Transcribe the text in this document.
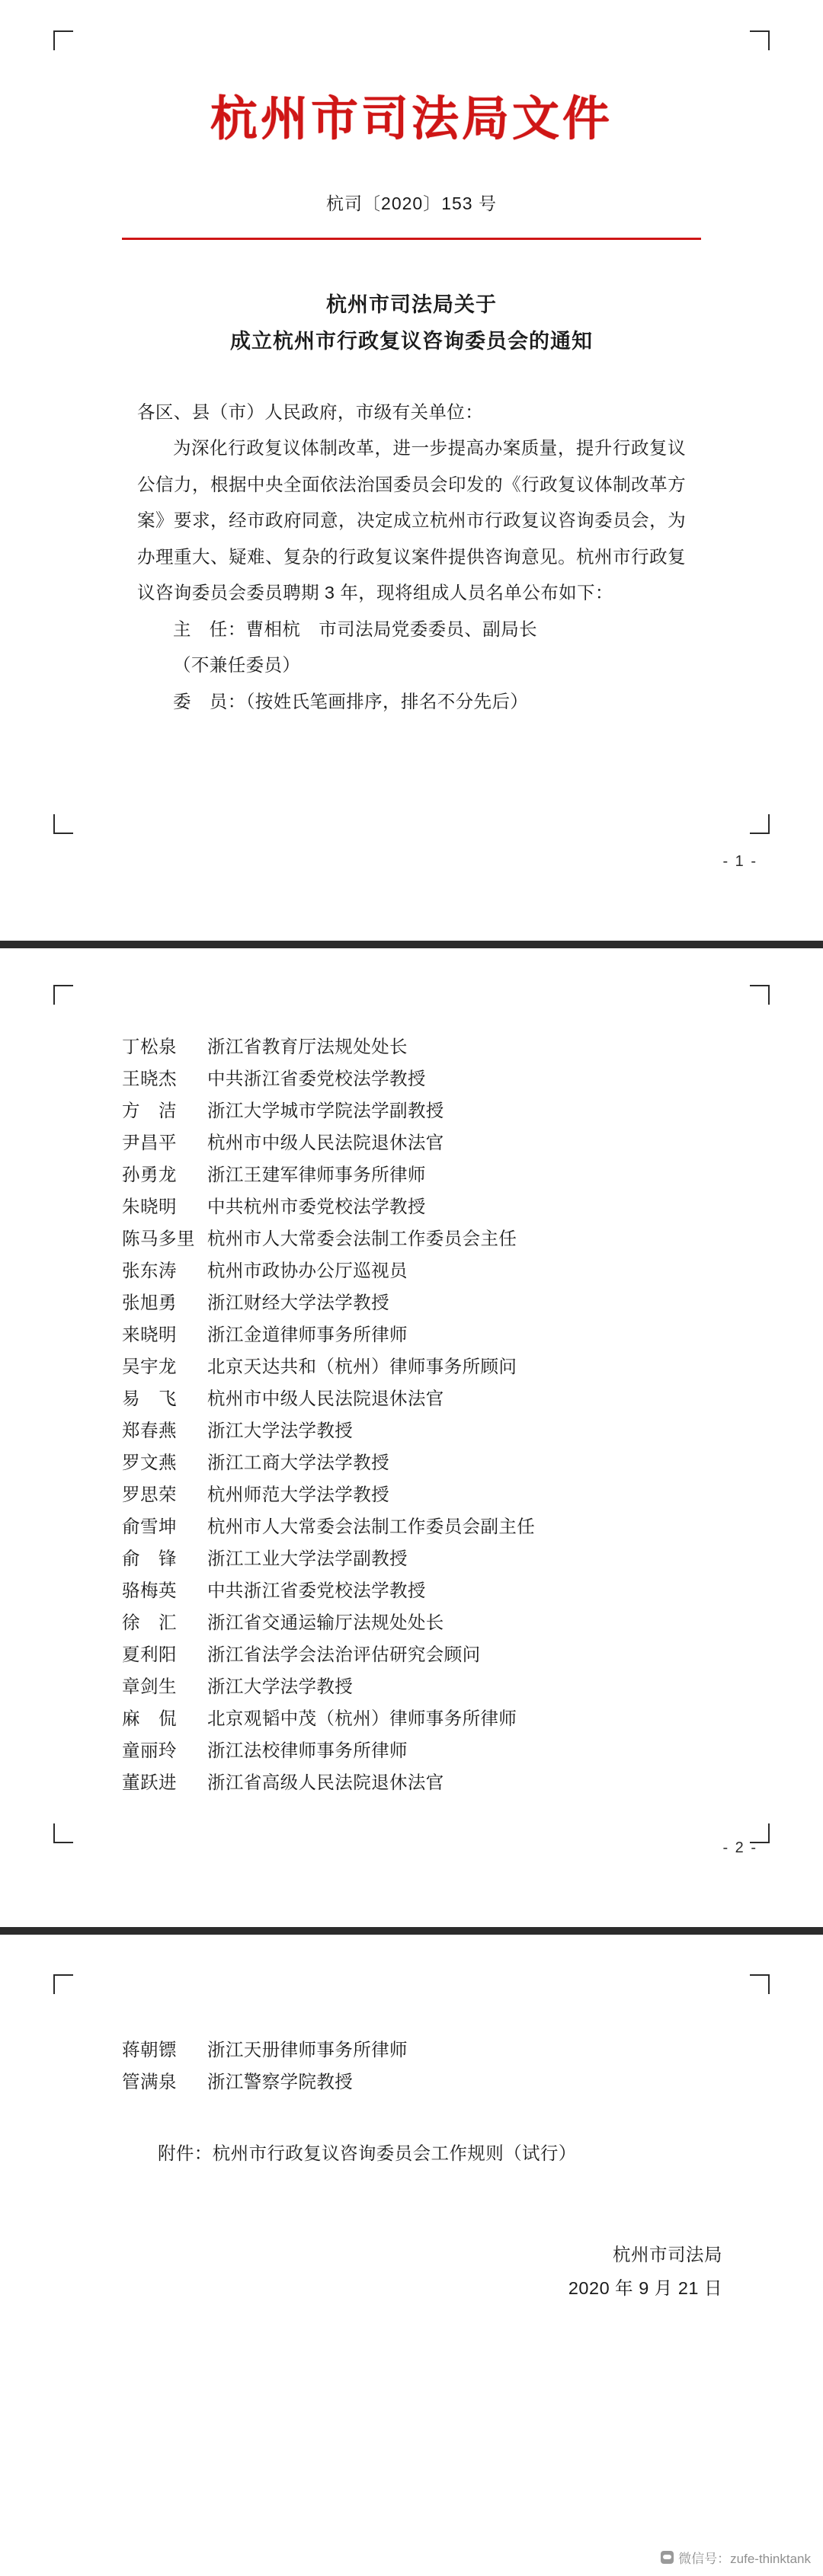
杭州市司法局文件
杭司〔2020〕153 号
杭州市司法局关于
成立杭州市行政复议咨询委员会的通知

各区、县（市）人民政府，市级有关单位：

为深化行政复议体制改革，进一步提高办案质量，提升行政复议公信力，根据中央全面依法治国委员会印发的《行政复议体制改革方案》要求，经市政府同意，决定成立杭州市行政复议咨询委员会，为办理重大、疑难、复杂的行政复议案件提供咨询意见。杭州市行政复议咨询委员会委员聘期 3 年，现将组成人员名单公布如下：

主　任：曹相杭　市司法局党委委员、副局长

（不兼任委员）

委　员：（按姓氏笔画排序，排名不分先后）

- 1 -
丁松泉	浙江省教育厅法规处处长
王晓杰	中共浙江省委党校法学教授
方　洁	浙江大学城市学院法学副教授
尹昌平	杭州市中级人民法院退休法官
孙勇龙	浙江王建军律师事务所律师
朱晓明	中共杭州市委党校法学教授
陈马多里 杭州市人大常委会法制工作委员会主任
张东涛	杭州市政协办公厅巡视员
张旭勇	浙江财经大学法学教授
来晓明	浙江金道律师事务所律师
吴宇龙	北京天达共和（杭州）律师事务所顾问
易　飞	杭州市中级人民法院退休法官
郑春燕	浙江大学法学教授
罗文燕	浙江工商大学法学教授
罗思荣	杭州师范大学法学教授
俞雪坤	杭州市人大常委会法制工作委员会副主任
俞　锋	浙江工业大学法学副教授
骆梅英	中共浙江省委党校法学教授
徐　汇	浙江省交通运输厅法规处处长
夏利阳	浙江省法学会法治评估研究会顾问
章剑生	浙江大学法学教授
麻　侃	北京观韬中茂（杭州）律师事务所律师
童丽玲	浙江法校律师事务所律师
董跃进	浙江省高级人民法院退休法官
- 2 -
蒋朝镖	浙江天册律师事务所律师
管满泉	浙江警察学院教授
附件：杭州市行政复议咨询委员会工作规则（试行）
杭州市司法局
2020 年 9 月 21 日
微信号：zufe-thinktank
